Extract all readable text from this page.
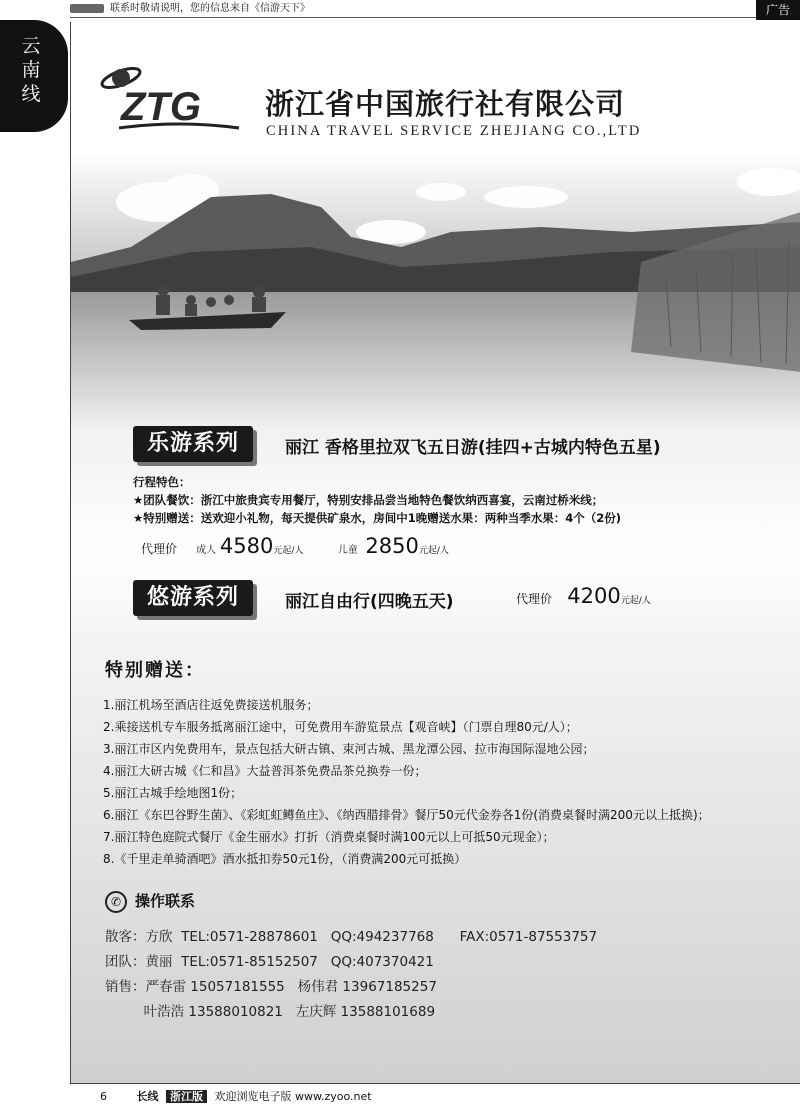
联系时敬请说明，您的信息来自《信游天下》	广告
云
南
线	ZTG 浙江省中国旅行社有限公司
CHINA TRAVEL SERVICE ZHEJIANG CO.,LTD
乐游系列	丽江 香格里拉双飞五日游(挂四+古城内特色五星)
行程特色：
★团队餐饮：浙江中旅贵宾专用餐厅，特别安排品尝当地特色餐饮纳西喜宴，云南过桥米线；
★特别赠送：送欢迎小礼物，每天提供矿泉水，房间中1晚赠送水果：两种当季水果：4个（2份)
代理价 成人 4580元起/人	儿童 2850元起/人
悠游系列	丽江自由行(四晚五天)	代理价 4200元起/人
特别赠送：
1.丽江机场至酒店往返免费接送机服务；
2.乘接送机专车服务抵离丽江途中，可免费用车游览景点【观音峡】（门票自理80元/人）；
3.丽江市区内免费用车，景点包括大研古镇、束河古城、黑龙潭公园、拉市海国际湿地公园；
4.丽江大研古城《仁和昌》大益普洱茶免费品茶兑换券一份；
5.丽江古城手绘地图1份；
6.丽江《东巴谷野生菌》、《彩虹虹鳟鱼庄》、《纳西腊排骨》餐厅50元代金券各1份(消费桌餐时满200元以上抵换)；
7.丽江特色庭院式餐厅《金生丽水》打折（消费桌餐时满100元以上可抵50元现金）；
8.《千里走单骑酒吧》酒水抵扣券50元1份，（消费满200元可抵换）
✆ 操作联系
散客：方欣  TEL:0571-28878601   QQ:494237768      FAX:0571-87553757
团队：黄丽  TEL:0571-85152507   QQ:407370421
销售：严春雷 15057181555   杨伟君 13967185257
叶浩浩 13588010821   左庆辉 13588101689
6	长线 浙江版 欢迎浏览电子版 www.zyoo.net
